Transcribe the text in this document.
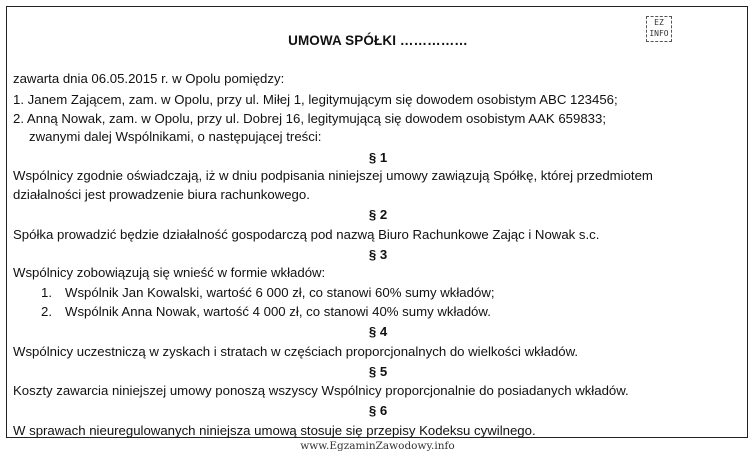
UMOWA SPÓŁKI ……………
EZ
INFO
zawarta dnia 06.05.2015 r. w Opolu pomiędzy:
1. Janem Zającem, zam. w Opolu, przy ul. Miłej 1, legitymującym się dowodem osobistym ABC 123456;
2. Anną Nowak, zam. w Opolu, przy ul. Dobrej 16, legitymującą się dowodem osobistym AAK 659833;
zwanymi dalej Wspólnikami, o następującej treści:
§ 1
Wspólnicy zgodnie oświadczają, iż w dniu podpisania niniejszej umowy zawiązują Spółkę, której przedmiotem
działalności jest prowadzenie biura rachunkowego.
§ 2
Spółka prowadzić będzie działalność gospodarczą pod nazwą Biuro Rachunkowe Zając i Nowak s.c.
§ 3
Wspólnicy zobowiązują się wnieść w formie wkładów:
1. Wspólnik Jan Kowalski, wartość 6 000 zł, co stanowi 60% sumy wkładów;
2. Wspólnik Anna Nowak, wartość 4 000 zł, co stanowi 40% sumy wkładów.
§ 4
Wspólnicy uczestniczą w zyskach i stratach w częściach proporcjonalnych do wielkości wkładów.
§ 5
Koszty zawarcia niniejszej umowy ponoszą wszyscy Wspólnicy proporcjonalnie do posiadanych wkładów.
§ 6
W sprawach nieuregulowanych niniejsza umową stosuje się przepisy Kodeksu cywilnego.
www.EgzaminZawodowy.info
